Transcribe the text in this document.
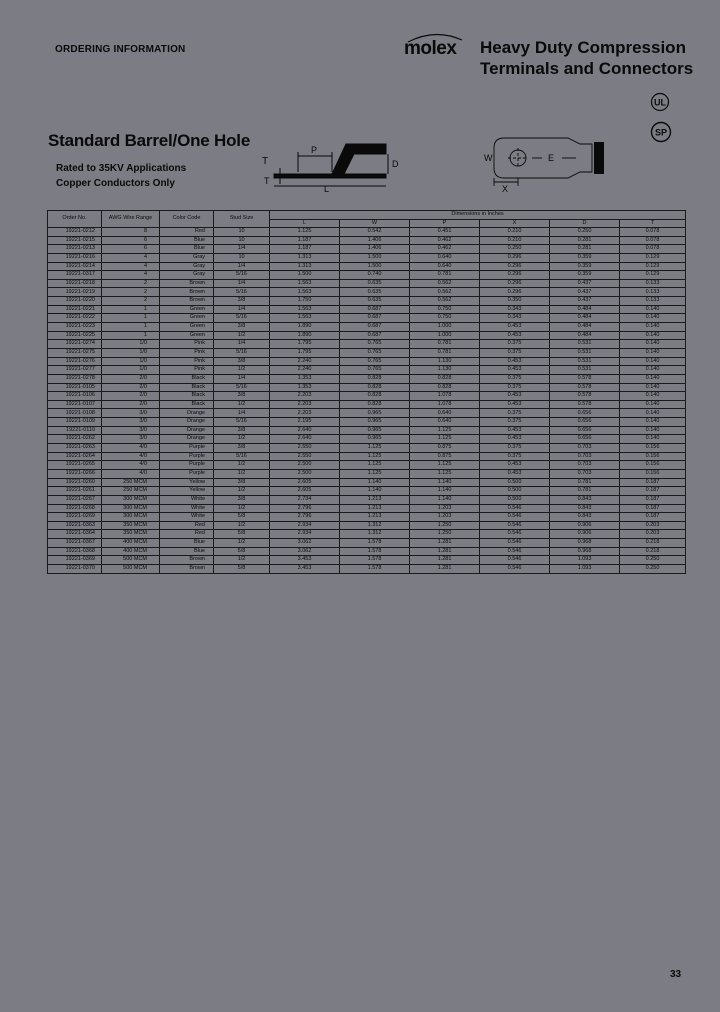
ORDERING INFORMATION	molex Heavy Duty Compression
Terminals and Connectors
UL
SP
Standard Barrel/One Hole
Rated to 35KV Applications
Copper Conductors Only
T
P
D
T
L
W	E
X
Order No.	AWG Wire Range	Color Code	Stud Size	Dimensions in Inches					
				L	W	P	X	D	T
19221-0212	8	Red	10	1.125	0.542	0.451	0.210	0.250	0.078
19221-0215	6	Blue	10	1.187	1.406	0.462	0.210	0.281	0.078
19221-0213	6	Blue	1/4	1.187	1.406	0.462	0.250	0.281	0.078
19221-0216	4	Gray	10	1.313	1.500	0.640	0.296	0.359	0.129
19221-0214	4	Gray	1/4	1.313	1.500	0.640	0.296	0.359	0.129
19221-0317	4	Gray	5/16	1.500	0.740	0.781	0.296	0.359	0.129
19221-0218	2	Brown	1/4	1.563	0.635	0.562	0.296	0.437	0.133
19221-0219	2	Brown	5/16	1.563	0.635	0.562	0.296	0.437	0.133
19221-0220	2	Brown	3/8	1.750	0.635	0.562	0.350	0.437	0.133
19221-0221	1	Green	1/4	1.563	0.687	0.750	0.343	0.484	0.140
19221-0222	1	Green	5/16	1.563	0.687	0.750	0.343	0.484	0.140
19221-0223	1	Green	3/8	1.890	0.687	1.000	0.453	0.484	0.140
19221-0225	1	Green	1/2	1.890	0.687	1.000	0.453	0.484	0.140
19221-0274	1/0	Pink	1/4	1.795	0.765	0.781	0.375	0.531	0.140
19221-0275	1/0	Pink	5/16	1.795	0.765	0.781	0.375	0.531	0.140
19221-0276	1/0	Pink	3/8	2.240	0.765	1.130	0.453	0.531	0.140
19221-0277	1/0	Pink	1/2	2.240	0.765	1.130	0.453	0.531	0.140
19221-0278	2/0	Black	1/4	1.353	0.828	0.828	0.375	0.578	0.140
19221-0105	2/0	Black	5/16	1.353	0.828	0.828	0.375	0.578	0.140
19221-0106	2/0	Black	3/8	2.203	0.828	1.078	0.453	0.578	0.140
19221-0107	2/0	Black	1/2	2.203	0.828	1.078	0.453	0.578	0.140
19221-0108	3/0	Orange	1/4	2.203	0.965	0.640	0.375	0.656	0.140
19221-0109	3/0	Orange	5/16	2.195	0.965	0.640	0.375	0.656	0.140
19221-0110	3/0	Orange	3/8	2.640	0.965	1.125	0.453	0.656	0.140
19221-0262	3/0	Orange	1/2	2.640	0.965	1.125	0.453	0.656	0.140
19221-0263	4/0	Purple	3/8	2.550	1.125	0.875	0.375	0.703	0.156
19221-0264	4/0	Purple	5/16	2.550	1.125	0.875	0.375	0.703	0.156
19221-0265	4/0	Purple	1/2	2.500	1.125	1.125	0.453	0.703	0.156
19221-0266	4/0	Purple	1/2	2.500	1.125	1.125	0.453	0.703	0.156
19221-0260	250 MCM	Yellow	3/8	2.605	1.140	1.140	0.500	0.781	0.187
19221-0261	250 MCM	Yellow	1/2	2.605	1.140	1.140	0.500	0.781	0.187
19221-0267	300 MCM	White	3/8	2.734	1.213	1.140	0.500	0.843	0.187
19221-0268	300 MCM	White	1/2	2.796	1.213	1.203	0.546	0.843	0.187
19221-0269	300 MCM	White	5/8	2.796	1.213	1.203	0.546	0.843	0.187
19221-0363	350 MCM	Red	1/2	2.934	1.312	1.250	0.546	0.906	0.203
19221-0364	350 MCM	Red	5/8	2.934	1.312	1.250	0.546	0.906	0.203
19221-0367	400 MCM	Blue	1/2	3.062	1.578	1.281	0.546	0.968	0.218
19221-0368	400 MCM	Blue	5/8	3.062	1.578	1.281	0.546	0.968	0.218
19221-0369	500 MCM	Brown	1/2	3.453	1.578	1.281	0.546	1.093	0.250
19221-0370	500 MCM	Brown	5/8	3.453	1.578	1.281	0.546	1.093	0.250
33
